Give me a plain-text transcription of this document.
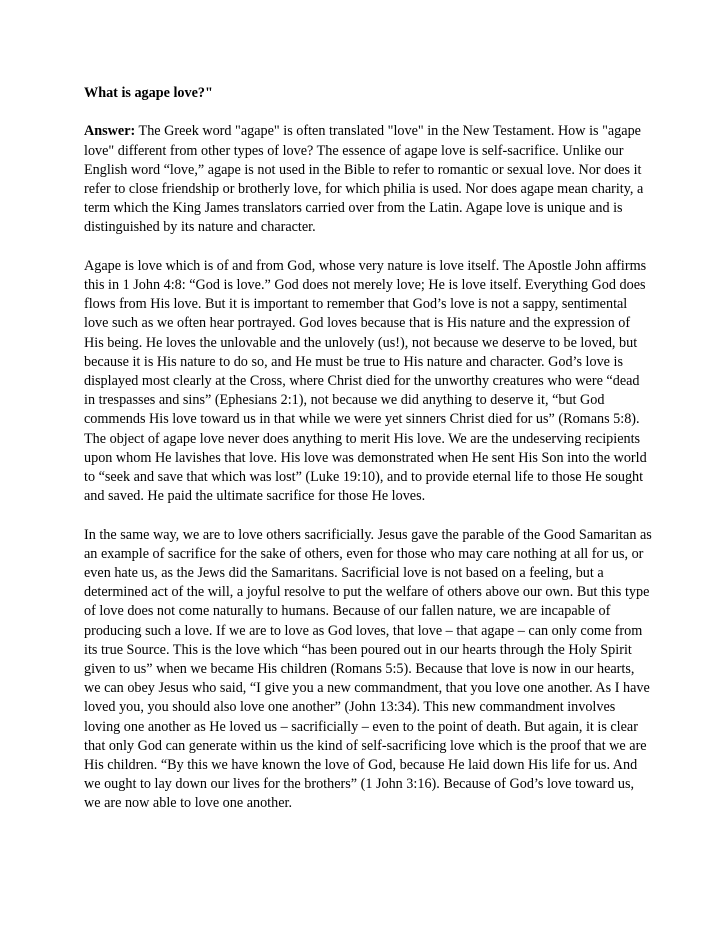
What is agape love?"

Answer: The Greek word "agape" is often translated "love" in the New Testament. How is "agape love" different from other types of love? The essence of agape love is self-sacrifice. Unlike our English word “love,” agape is not used in the Bible to refer to romantic or sexual love. Nor does it refer to close friendship or brotherly love, for which philia is used. Nor does agape mean charity, a term which the King James translators carried over from the Latin. Agape love is unique and is distinguished by its nature and character.

Agape is love which is of and from God, whose very nature is love itself. The Apostle John affirms this in 1 John 4:8: “God is love.” God does not merely love; He is love itself. Everything God does flows from His love. But it is important to remember that God’s love is not a sappy, sentimental love such as we often hear portrayed. God loves because that is His nature and the expression of His being. He loves the unlovable and the unlovely (us!), not because we deserve to be loved, but because it is His nature to do so, and He must be true to His nature and character. God’s love is displayed most clearly at the Cross, where Christ died for the unworthy creatures who were “dead in trespasses and sins” (Ephesians 2:1), not because we did anything to deserve it, “but God commends His love toward us in that while we were yet sinners Christ died for us” (Romans 5:8). The object of agape love never does anything to merit His love. We are the undeserving recipients upon whom He lavishes that love. His love was demonstrated when He sent His Son into the world to “seek and save that which was lost” (Luke 19:10), and to provide eternal life to those He sought and saved. He paid the ultimate sacrifice for those He loves.

In the same way, we are to love others sacrificially. Jesus gave the parable of the Good Samaritan as an example of sacrifice for the sake of others, even for those who may care nothing at all for us, or even hate us, as the Jews did the Samaritans. Sacrificial love is not based on a feeling, but a determined act of the will, a joyful resolve to put the welfare of others above our own. But this type of love does not come naturally to humans. Because of our fallen nature, we are incapable of producing such a love. If we are to love as God loves, that love – that agape – can only come from its true Source. This is the love which “has been poured out in our hearts through the Holy Spirit given to us” when we became His children (Romans 5:5). Because that love is now in our hearts, we can obey Jesus who said, “I give you a new commandment, that you love one another. As I have loved you, you should also love one another” (John 13:34). This new commandment involves loving one another as He loved us – sacrificially – even to the point of death. But again, it is clear that only God can generate within us the kind of self-sacrificing love which is the proof that we are His children. “By this we have known the love of God, because He laid down His life for us. And we ought to lay down our lives for the brothers” (1 John 3:16). Because of God’s love toward us, we are now able to love one another.
